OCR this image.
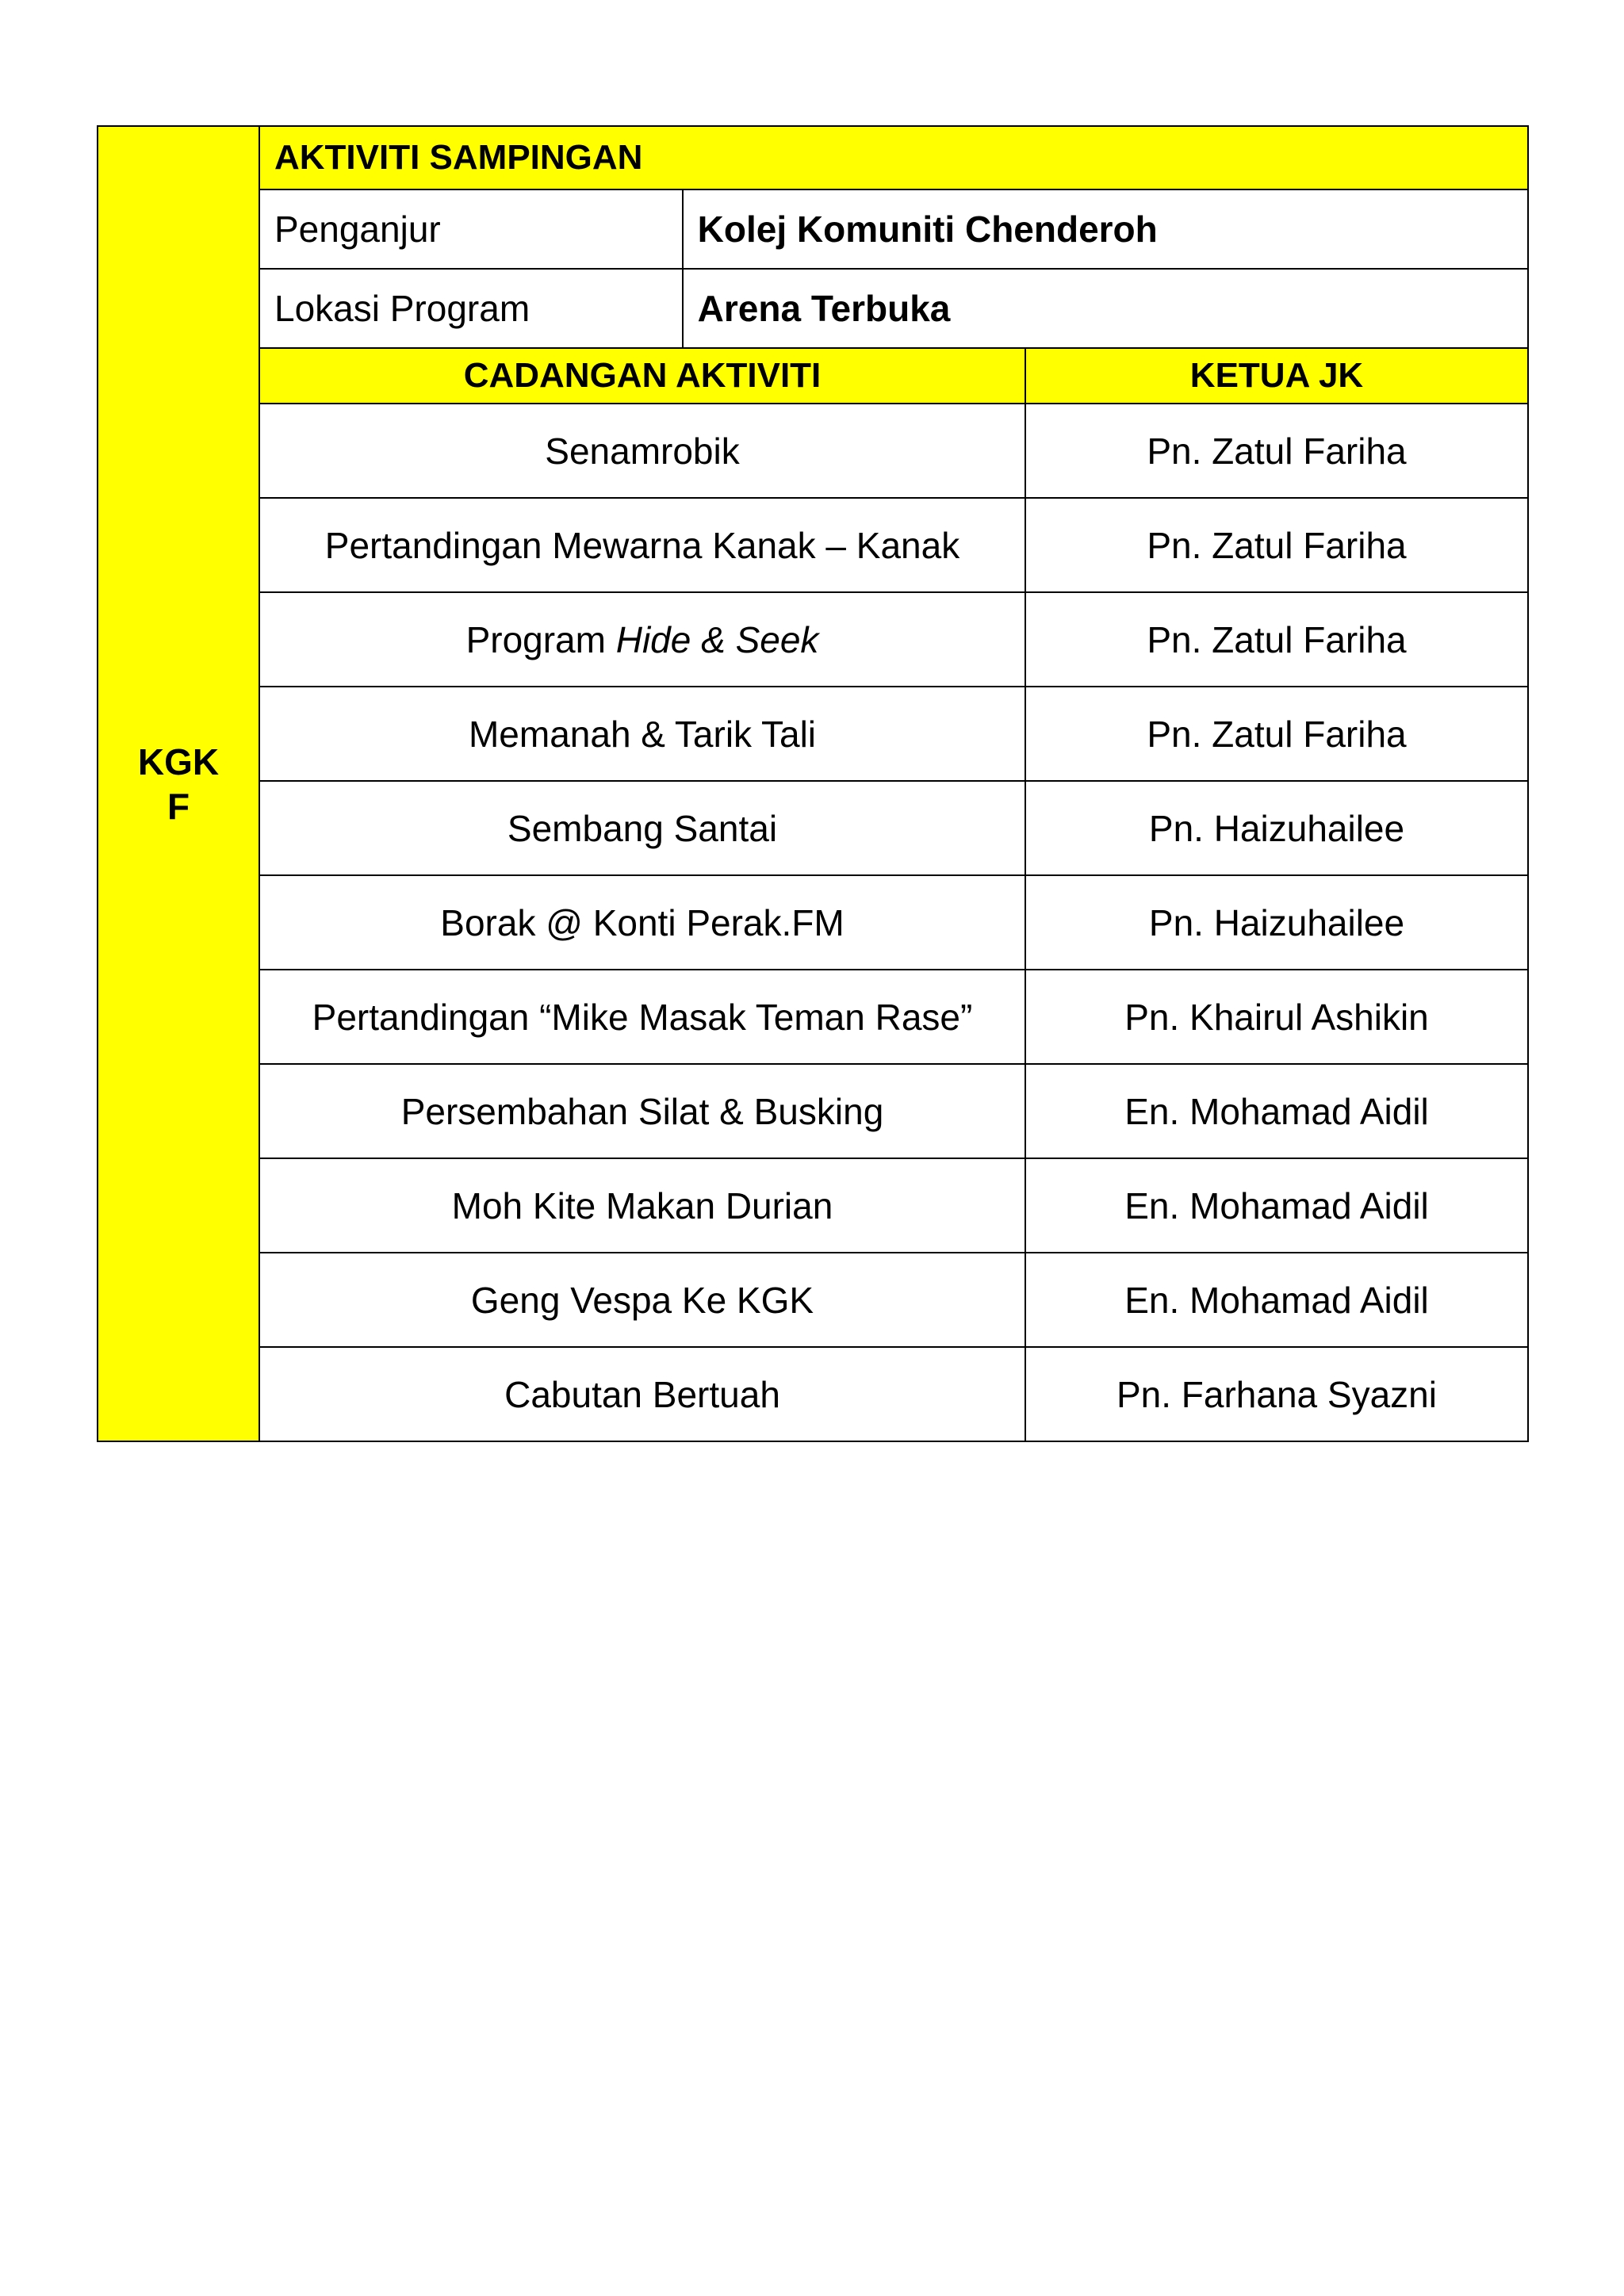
KGK
F

AKTIVITI SAMPINGAN
Penganjur	Kolej Komuniti Chenderoh
Lokasi Program	Arena Terbuka

CADANGAN AKTIVITI	KETUA JK
Senamrobik	Pn. Zatul Fariha
Pertandingan Mewarna Kanak – Kanak	Pn. Zatul Fariha
Program Hide & Seek	Pn. Zatul Fariha
Memanah & Tarik Tali	Pn. Zatul Fariha
Sembang Santai	Pn. Haizuhailee
Borak @ Konti Perak.FM	Pn. Haizuhailee
Pertandingan “Mike Masak Teman Rase”	Pn. Khairul Ashikin
Persembahan Silat & Busking	En. Mohamad Aidil
Moh Kite Makan Durian	En. Mohamad Aidil
Geng Vespa Ke KGK	En. Mohamad Aidil
Cabutan Bertuah	Pn. Farhana Syazni
